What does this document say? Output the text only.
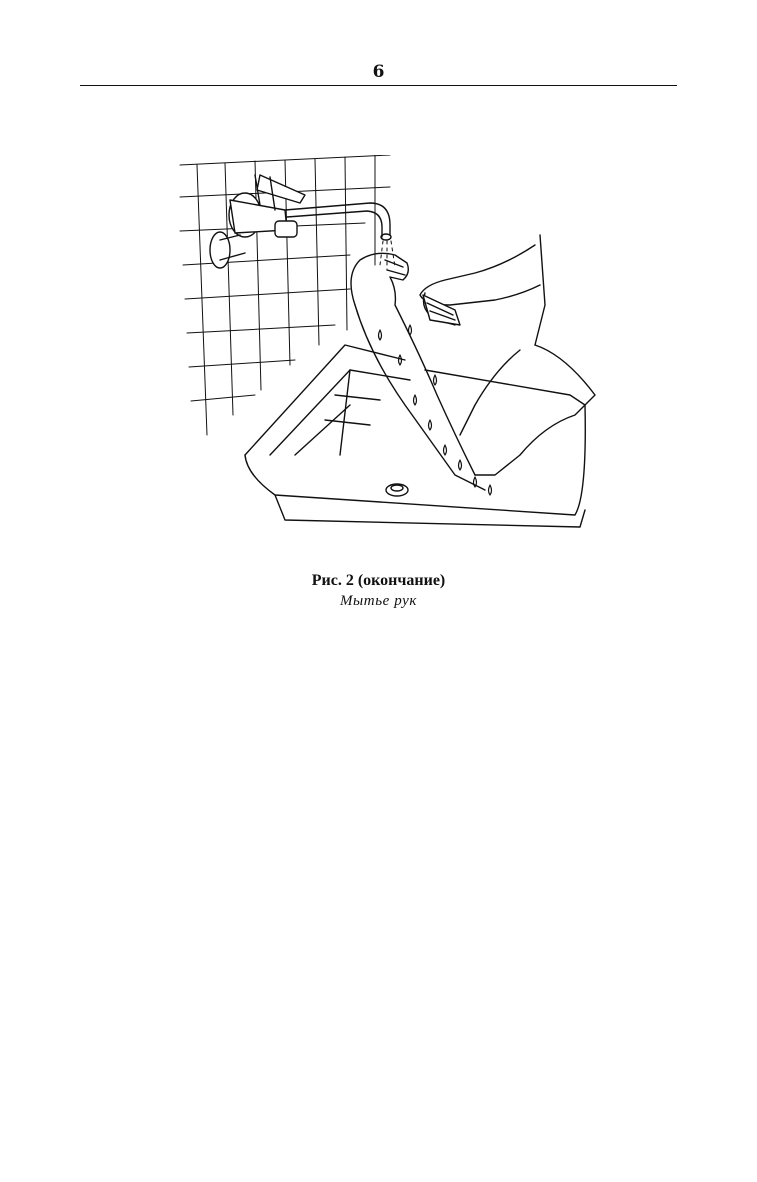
6
Рис. 2 (окончание)
Мытье рук
